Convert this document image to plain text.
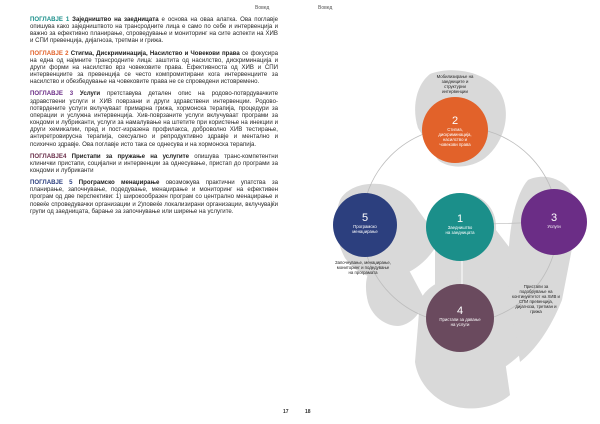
Вовед	Вовед

ПОГЛАВЈЕ 1 Заједништво на заедницата е основа на оваа алатка. Ова поглавје опишува како заједништвото на трансродните лица е само по себе и интервенција и важно за ефективно планирање, спроведување и мониторинг на сите аспекти на ХИВ и СПИ превенција, дијагноза, третман и грижа.

ПОГЛАВЈЕ 2 Стигма, Дискриминација, Насилство и Човекови права се фокусира на една од најмните трансродните лица: заштита од насилство, дискриминација и други форми на насилство врз човековите права. Ефективноста од ХИВ и СПИ интервенциите за превенција се често компромитирани кога интервенциите за насилство и обезбедување на човековите права не се спроведени истовремено.

ПОГЛАВЈЕ 3 Услуги претставува детален опис на родово-потврдувачките здравствени услуги и ХИВ поврзани и други здравствени интервенции. Родово-потврдените услуги вклучуваат примарна грижа, хормонска терапија, процедури за операции и услужна интервенција. Хив-поврзаните услуги вклучуваат програми за кондоми и лубриканти, услуги за намалување на штетите при користење на инекции и други хемикалии, пред и пост-изразена профилакса, доброволно ХИВ тестирање, антиретровирусна терапија, сексуално и репродуктивно здравје и ментално и психично здравје. Ова поглавје исто така се однесува и на хормонска терапија.

ПОГЛАВЈЕ4 Пристапи за пружање на услугите опишува транс-компетентни клинички пристапи, социјални и интервенции за однесување, пристап до програми за кондоми и лубриканти

ПОГЛАВЈЕ 5 Програмско менаџирање овозможува практични упатства за планирање, започнување, подедување, менаџирање и мониторинг на ефективен програм од две перспективи: 1) широкообразен програм со централно менаџирање и повеќе спроведувачки организации и 2)повеќе локализирани организации, вклучувајќи групи од заедницата, барање за започнување или ширење на услугите.

17	18
2
Стигма,
дискриминација,
насилство и
човекови права
5
Програмско
менаџирање
3
Услуги
4
Пристапи за давање
на услуги
1
Заедништво
на заедницата
Мобилизирање на
заедниците и
структурни
интервенции
Започнување, менаџирање,
мониторинг и подедување
на програмата
Пристапи за
подобрување на
континуитетот на ХИВ и
СПИ превенција,
дијагноза, третман и
грижа
